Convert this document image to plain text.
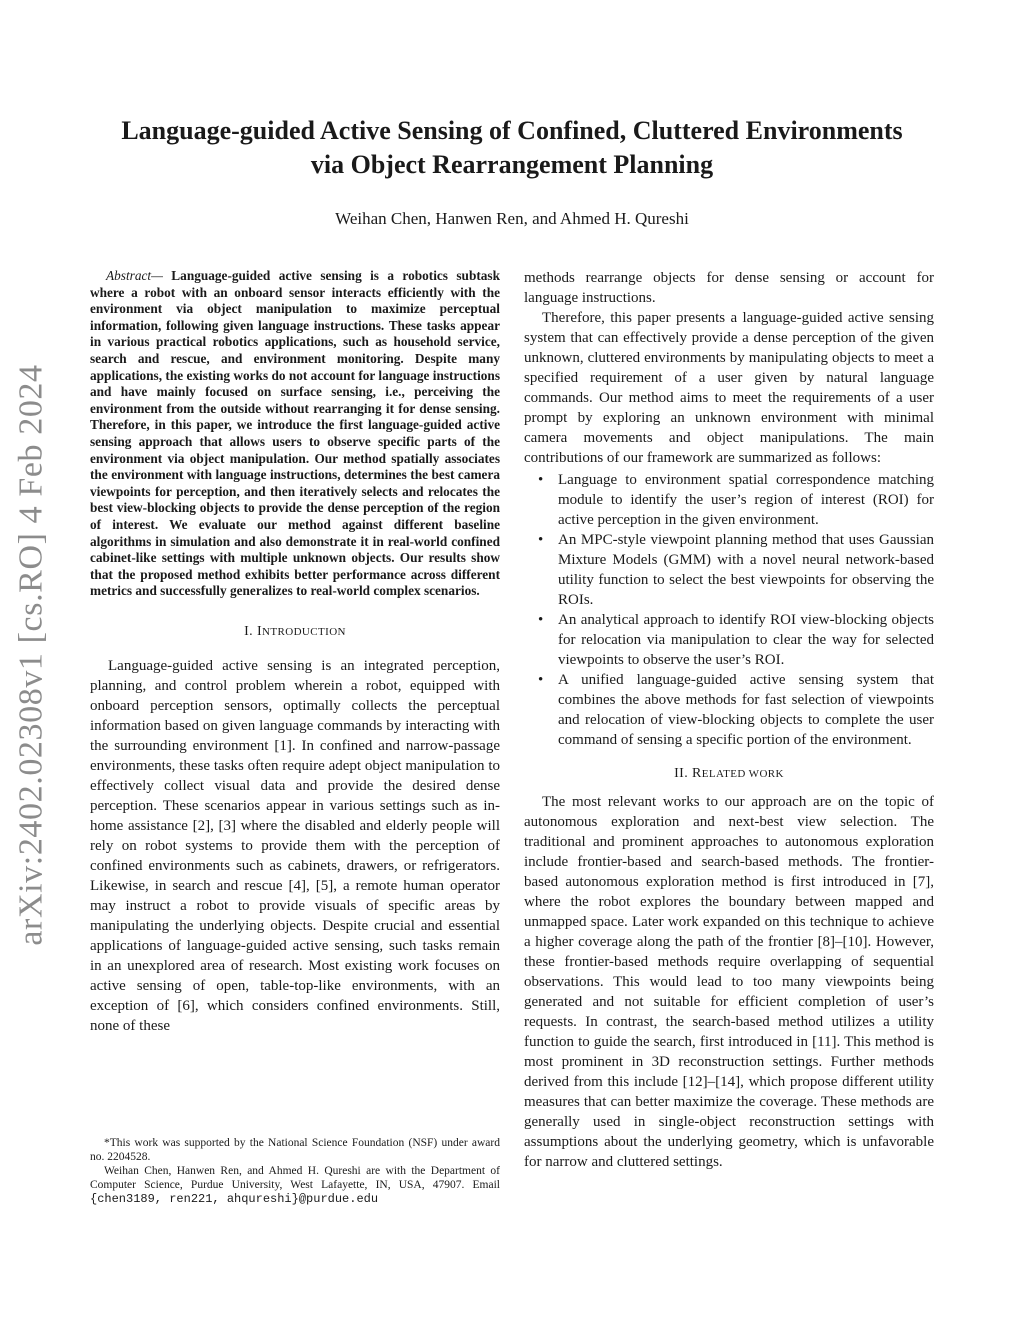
arXiv:2402.02308v1 [cs.RO] 4 Feb 2024
Language-guided Active Sensing of Confined, Cluttered Environments
via Object Rearrangement Planning
Weihan Chen, Hanwen Ren, and Ahmed H. Qureshi

Abstract— Language-guided active sensing is a robotics subtask where a robot with an onboard sensor interacts efficiently with the environment via object manipulation to maximize perceptual information, following given language instructions. These tasks appear in various practical robotics applications, such as household service, search and rescue, and environment monitoring. Despite many applications, the existing works do not account for language instructions and have mainly focused on surface sensing, i.e., perceiving the environment from the outside without rearranging it for dense sensing. Therefore, in this paper, we introduce the first language-guided active sensing approach that allows users to observe specific parts of the environment via object manipulation. Our method spatially associates the environment with language instructions, determines the best camera viewpoints for perception, and then iteratively selects and relocates the best view-blocking objects to provide the dense perception of the region of interest. We evaluate our method against different baseline algorithms in simulation and also demonstrate it in real-world confined cabinet-like settings with multiple unknown objects. Our results show that the proposed method exhibits better performance across different metrics and successfully generalizes to real-world complex scenarios.

I. INTRODUCTION

Language-guided active sensing is an integrated perception, planning, and control problem wherein a robot, equipped with onboard perception sensors, optimally collects the perceptual information based on given language commands by interacting with the surrounding environment [1]. In confined and narrow-passage environments, these tasks often require adept object manipulation to effectively collect visual data and provide the desired dense perception. These scenarios appear in various settings such as in-home assistance [2], [3] where the disabled and elderly people will rely on robot systems to provide them with the perception of confined environments such as cabinets, drawers, or refrigerators. Likewise, in search and rescue [4], [5], a remote human operator may instruct a robot to provide visuals of specific areas by manipulating the underlying objects. Despite crucial and essential applications of language-guided active sensing, such tasks remain in an unexplored area of research. Most existing work focuses on active sensing of open, table-top-like environments, with an exception of [6], which considers confined environments. Still, none of these

*This work was supported by the National Science Foundation (NSF) under award no. 2204528.

Weihan Chen, Hanwen Ren, and Ahmed H. Qureshi are with the Department of Computer Science, Purdue University, West Lafayette, IN, USA, 47907. Email {chen3189, ren221, ahqureshi}@purdue.edu

methods rearrange objects for dense sensing or account for language instructions.

Therefore, this paper presents a language-guided active sensing system that can effectively provide a dense perception of the given unknown, cluttered environments by manipulating objects to meet a specified requirement of a user given by natural language commands. Our method aims to meet the requirements of a user prompt by exploring an unknown environment with minimal camera movements and object manipulations. The main contributions of our framework are summarized as follows:

• Language to environment spatial correspondence matching module to identify the user’s region of interest (ROI) for active perception in the given environment.
• An MPC-style viewpoint planning method that uses Gaussian Mixture Models (GMM) with a novel neural network-based utility function to select the best viewpoints for observing the ROIs.
• An analytical approach to identify ROI view-blocking objects for relocation via manipulation to clear the way for selected viewpoints to observe the user’s ROI.
• A unified language-guided active sensing system that combines the above methods for fast selection of viewpoints and relocation of view-blocking objects to complete the user command of sensing a specific portion of the environment.
II. RELATED WORK

The most relevant works to our approach are on the topic of autonomous exploration and next-best view selection. The traditional and prominent approaches to autonomous exploration include frontier-based and search-based methods. The frontier-based autonomous exploration method is first introduced in [7], where the robot explores the boundary between mapped and unmapped space. Later work expanded on this technique to achieve a higher coverage along the path of the frontier [8]–[10]. However, these frontier-based methods require overlapping of sequential observations. This would lead to too many viewpoints being generated and not suitable for efficient completion of user’s requests. In contrast, the search-based method utilizes a utility function to guide the search, first introduced in [11]. This method is most prominent in 3D reconstruction settings. Further methods derived from this include [12]–[14], which propose different utility measures that can better maximize the coverage. These methods are generally used in single-object reconstruction settings with assumptions about the underlying geometry, which is unfavorable for narrow and cluttered settings.
